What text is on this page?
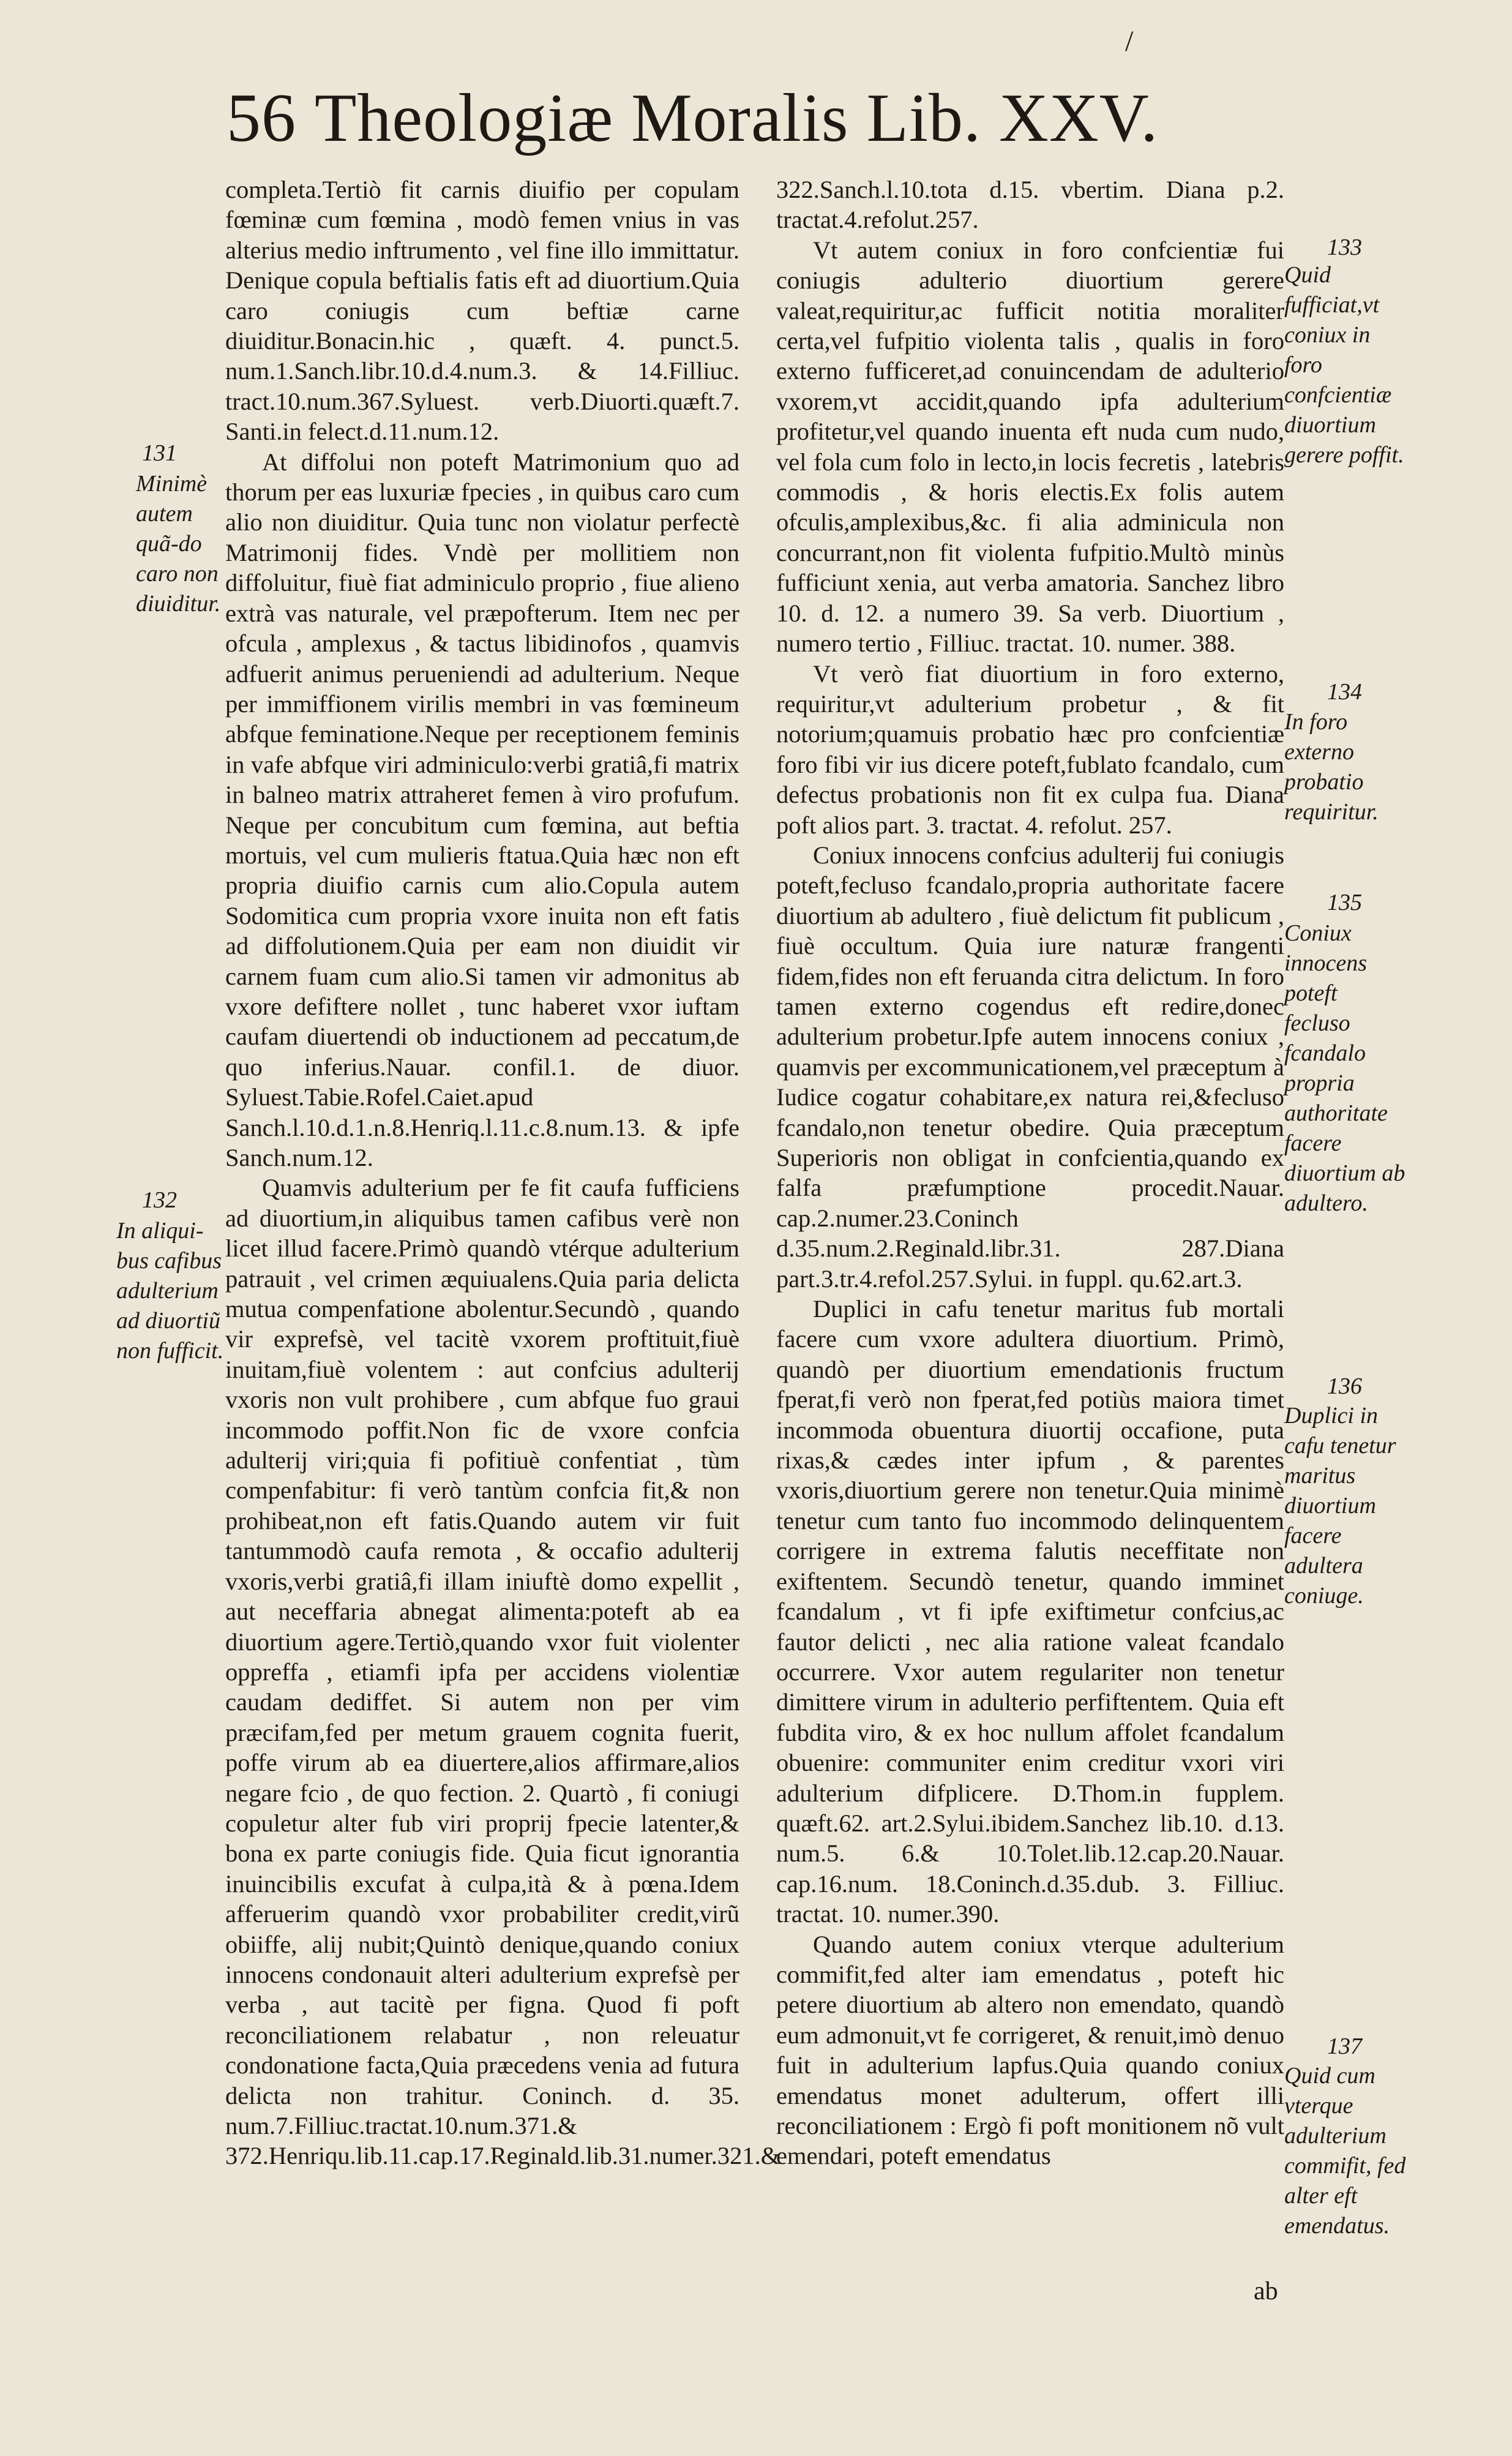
/
56 Theologiæ Moralis Lib. XXV.

completa.Tertiò fit carnis diuifio per copulam fœminæ cum fœmina , modò femen vnius in vas alterius medio inftrumento , vel fine illo immittatur. Denique copula beftialis fatis eft ad diuortium.Quia caro coniugis cum beftiæ carne diuiditur.Bonacin.hic , quæft. 4. punct.5. num.1.Sanch.libr.10.d.4.num.3. & 14.Filliuc. tract.10.num.367.Syluest. verb.Diuorti.quæft.7. Santi.in felect.d.11.num.12.

At diffolui non poteft Matrimonium quo ad thorum per eas luxuriæ fpecies , in quibus caro cum alio non diuiditur. Quia tunc non violatur perfectè Matrimonij fides. Vndè per mollitiem non diffoluitur, fiuè fiat adminiculo proprio , fiue alieno extrà vas naturale, vel præpofterum. Item nec per ofcula , amplexus , & tactus libidinofos , quamvis adfuerit animus perueniendi ad adulterium. Neque per immiffionem virilis membri in vas fœmineum abfque feminatione.Neque per receptionem feminis in vafe abfque viri adminiculo:verbi gratiâ,fi matrix in balneo matrix attraheret femen à viro profufum. Neque per concubitum cum fœmina, aut beftia mortuis, vel cum mulieris ftatua.Quia hæc non eft propria diuifio carnis cum alio.Copula autem Sodomitica cum propria vxore inuita non eft fatis ad diffolutionem.Quia per eam non diuidit vir carnem fuam cum alio.Si tamen vir admonitus ab vxore defiftere nollet , tunc haberet vxor iuftam caufam diuertendi ob inductionem ad peccatum,de quo inferius.Nauar. confil.1. de diuor. Syluest.Tabie.Rofel.Caiet.apud Sanch.l.10.d.1.n.8.Henriq.l.11.c.8.num.13. & ipfe Sanch.num.12.

Quamvis adulterium per fe fit caufa fufficiens ad diuortium,in aliquibus tamen cafibus verè non licet illud facere.Primò quandò vtérque adulterium patrauit , vel crimen æquiualens.Quia paria delicta mutua compenfatione abolentur.Secundò , quando vir exprefsè, vel tacitè vxorem proftituit,fiuè inuitam,fiuè volentem : aut confcius adulterij vxoris non vult prohibere , cum abfque fuo graui incommodo poffit.Non fic de vxore confcia adulterij viri;quia fi pofitiuè confentiat , tùm compenfabitur: fi verò tantùm confcia fit,& non prohibeat,non eft fatis.Quando autem vir fuit tantummodò caufa remota , & occafio adulterij vxoris,verbi gratiâ,fi illam iniuftè domo expellit , aut neceffaria abnegat alimenta:poteft ab ea diuortium agere.Tertiò,quando vxor fuit violenter oppreffa , etiamfi ipfa per accidens violentiæ caudam dediffet. Si autem non per vim præcifam,fed per metum grauem cognita fuerit, poffe virum ab ea diuertere,alios affirmare,alios negare fcio , de quo fection. 2. Quartò , fi coniugi copuletur alter fub viri proprij fpecie latenter,& bona ex parte coniugis fide. Quia ficut ignorantia inuincibilis excufat à culpa,ità & à pœna.Idem afferuerim quandò vxor probabiliter credit,virũ obiiffe, alij nubit;Quintò denique,quando coniux innocens condonauit alteri adulterium exprefsè per verba , aut tacitè per figna. Quod fi poft reconciliationem relabatur , non releuatur condonatione facta,Quia præcedens venia ad futura delicta non trahitur. Coninch. d. 35. num.7.Filliuc.tractat.10.num.371.& 372.Henriqu.lib.11.cap.17.Reginald.lib.31.numer.321.&

131
Minimè autem quã-do caro non diuiditur.
132
In aliqui-bus cafibus adulterium ad diuortiũ non fufficit.

322.Sanch.l.10.tota d.15. vbertim. Diana p.2. tractat.4.refolut.257.

Vt autem coniux in foro confcientiæ fui coniugis adulterio diuortium gerere valeat,requiritur,ac fufficit notitia moraliter certa,vel fufpitio violenta talis , qualis in foro externo fufficeret,ad conuincendam de adulterio vxorem,vt accidit,quando ipfa adulterium profitetur,vel quando inuenta eft nuda cum nudo, vel fola cum folo in lecto,in locis fecretis , latebris commodis , & horis electis.Ex folis autem ofculis,amplexibus,&c. fi alia adminicula non concurrant,non fit violenta fufpitio.Multò minùs fufficiunt xenia, aut verba amatoria. Sanchez libro 10. d. 12. a numero 39. Sa verb. Diuortium , numero tertio , Filliuc. tractat. 10. numer. 388.

Vt verò fiat diuortium in foro externo, requiritur,vt adulterium probetur , & fit notorium;quamuis probatio hæc pro confcientiæ foro fibi vir ius dicere poteft,fublato fcandalo, cum defectus probationis non fit ex culpa fua. Diana poft alios part. 3. tractat. 4. refolut. 257.

Coniux innocens confcius adulterij fui coniugis poteft,fecluso fcandalo,propria authoritate facere diuortium ab adultero , fiuè delictum fit publicum , fiuè occultum. Quia iure naturæ frangenti fidem,fides non eft feruanda citra delictum. In foro tamen externo cogendus eft redire,donec adulterium probetur.Ipfe autem innocens coniux , quamvis per excommunicationem,vel præceptum à Iudice cogatur cohabitare,ex natura rei,&fecluso fcandalo,non tenetur obedire. Quia præceptum Superioris non obligat in confcientia,quando ex falfa præfumptione procedit.Nauar. cap.2.numer.23.Coninch d.35.num.2.Reginald.libr.31. 287.Diana part.3.tr.4.refol.257.Sylui. in fuppl. qu.62.art.3.

Duplici in cafu tenetur maritus fub mortali facere cum vxore adultera diuortium. Primò, quandò per diuortium emendationis fructum fperat,fi verò non fperat,fed potiùs maiora timet incommoda obuentura diuortij occafione, puta rixas,& cædes inter ipfum , & parentes vxoris,diuortium gerere non tenetur.Quia minimè tenetur cum tanto fuo incommodo delinquentem corrigere in extrema falutis neceffitate non exiftentem. Secundò tenetur, quando imminet fcandalum , vt fi ipfe exiftimetur confcius,ac fautor delicti , nec alia ratione valeat fcandalo occurrere. Vxor autem regulariter non tenetur dimittere virum in adulterio perfiftentem. Quia eft fubdita viro, & ex hoc nullum affolet fcandalum obuenire: communiter enim creditur vxori viri adulterium difplicere. D.Thom.in fupplem. quæft.62. art.2.Sylui.ibidem.Sanchez lib.10. d.13. num.5. 6.& 10.Tolet.lib.12.cap.20.Nauar. cap.16.num. 18.Coninch.d.35.dub. 3. Filliuc. tractat. 10. numer.390.

Quando autem coniux vterque adulterium commifit,fed alter iam emendatus , poteft hic petere diuortium ab altero non emendato, quandò eum admonuit,vt fe corrigeret, & renuit,imò denuo fuit in adulterium lapfus.Quia quando coniux emendatus monet adulterum, offert illi reconciliationem : Ergò fi poft monitionem nõ vult emendari, poteft emendatus

133
Quid fufficiat,vt coniux in foro confcientiæ diuortium gerere poffit.
134
In foro externo probatio requiritur.
135
Coniux innocens poteft fecluso fcandalo propria authoritate facere diuortium ab adultero.
136
Duplici in cafu tenetur maritus diuortium facere adultera coniuge.
137
Quid cum vterque adulterium commifit, fed alter eft emendatus.
ab
